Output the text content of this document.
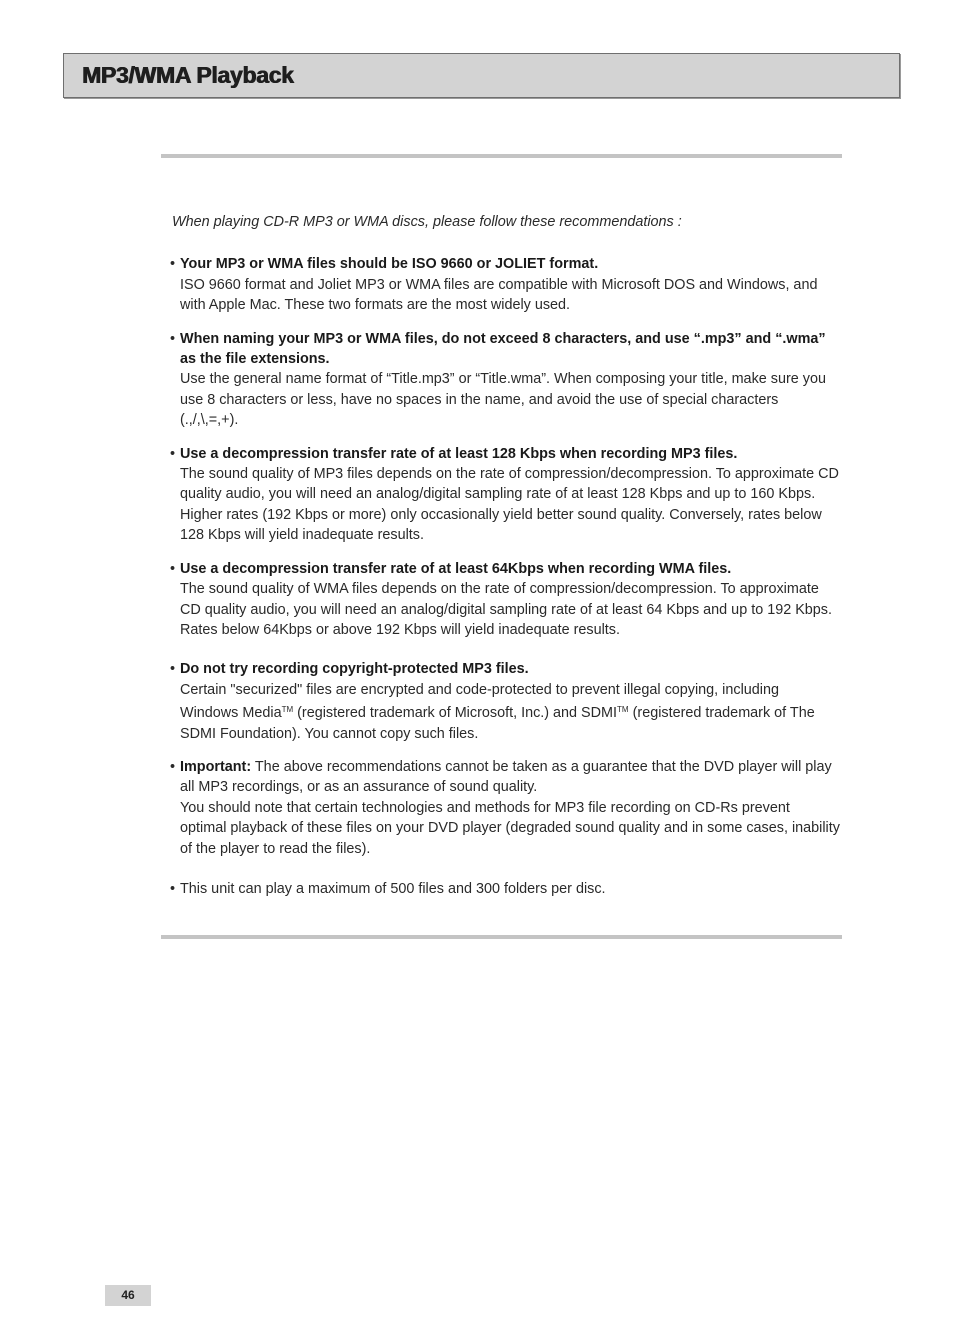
MP3/WMA Playback

When playing CD-R MP3 or WMA discs, please follow these recommendations :

• Your MP3 or WMA files should be ISO 9660 or JOLIET format.

ISO 9660 format and Joliet MP3 or WMA files are compatible with Microsoft DOS and Windows, and with Apple Mac. These two formats are the most widely used.

• When naming your MP3 or WMA files, do not exceed 8 characters, and use “.mp3” and “.wma” as the file extensions.

Use the general name format of “Title.mp3” or “Title.wma”. When composing your title, make sure you use 8 characters or less, have no spaces in the name, and avoid the use of special characters (.,/,\,=,+).

• Use a decompression transfer rate of at least 128 Kbps when recording MP3 files.

The sound quality of MP3 files depends on the rate of compression/decompression. To approximate CD quality audio, you will need an analog/digital sampling rate of at least 128 Kbps and up to 160 Kbps. Higher rates (192 Kbps or more) only occasionally yield better sound quality. Conversely, rates below 128 Kbps will yield inadequate results.

• Use a decompression transfer rate of at least 64Kbps when recording WMA files.

The sound quality of WMA files depends on the rate of compression/decompression. To approximate CD quality audio, you will need an analog/digital sampling rate of at least 64 Kbps and up to 192 Kbps. Rates below 64Kbps or above 192 Kbps will yield inadequate results.

• Do not try recording copyright-protected MP3 files.

Certain "securized" files are encrypted and code-protected to prevent illegal copying, including Windows Media™ (registered trademark of Microsoft, Inc.) and SDMI™ (registered trademark of The SDMI Foundation). You cannot copy such files.

• Important: The above recommendations cannot be taken as a guarantee that the DVD player will play all MP3 recordings, or as an assurance of sound quality.

You should note that certain technologies and methods for MP3 file recording on CD-Rs prevent optimal playback of these files on your DVD player (degraded sound quality and in some cases, inability of the player to read the files).

• This unit can play a maximum of 500 files and 300 folders per disc.

46
